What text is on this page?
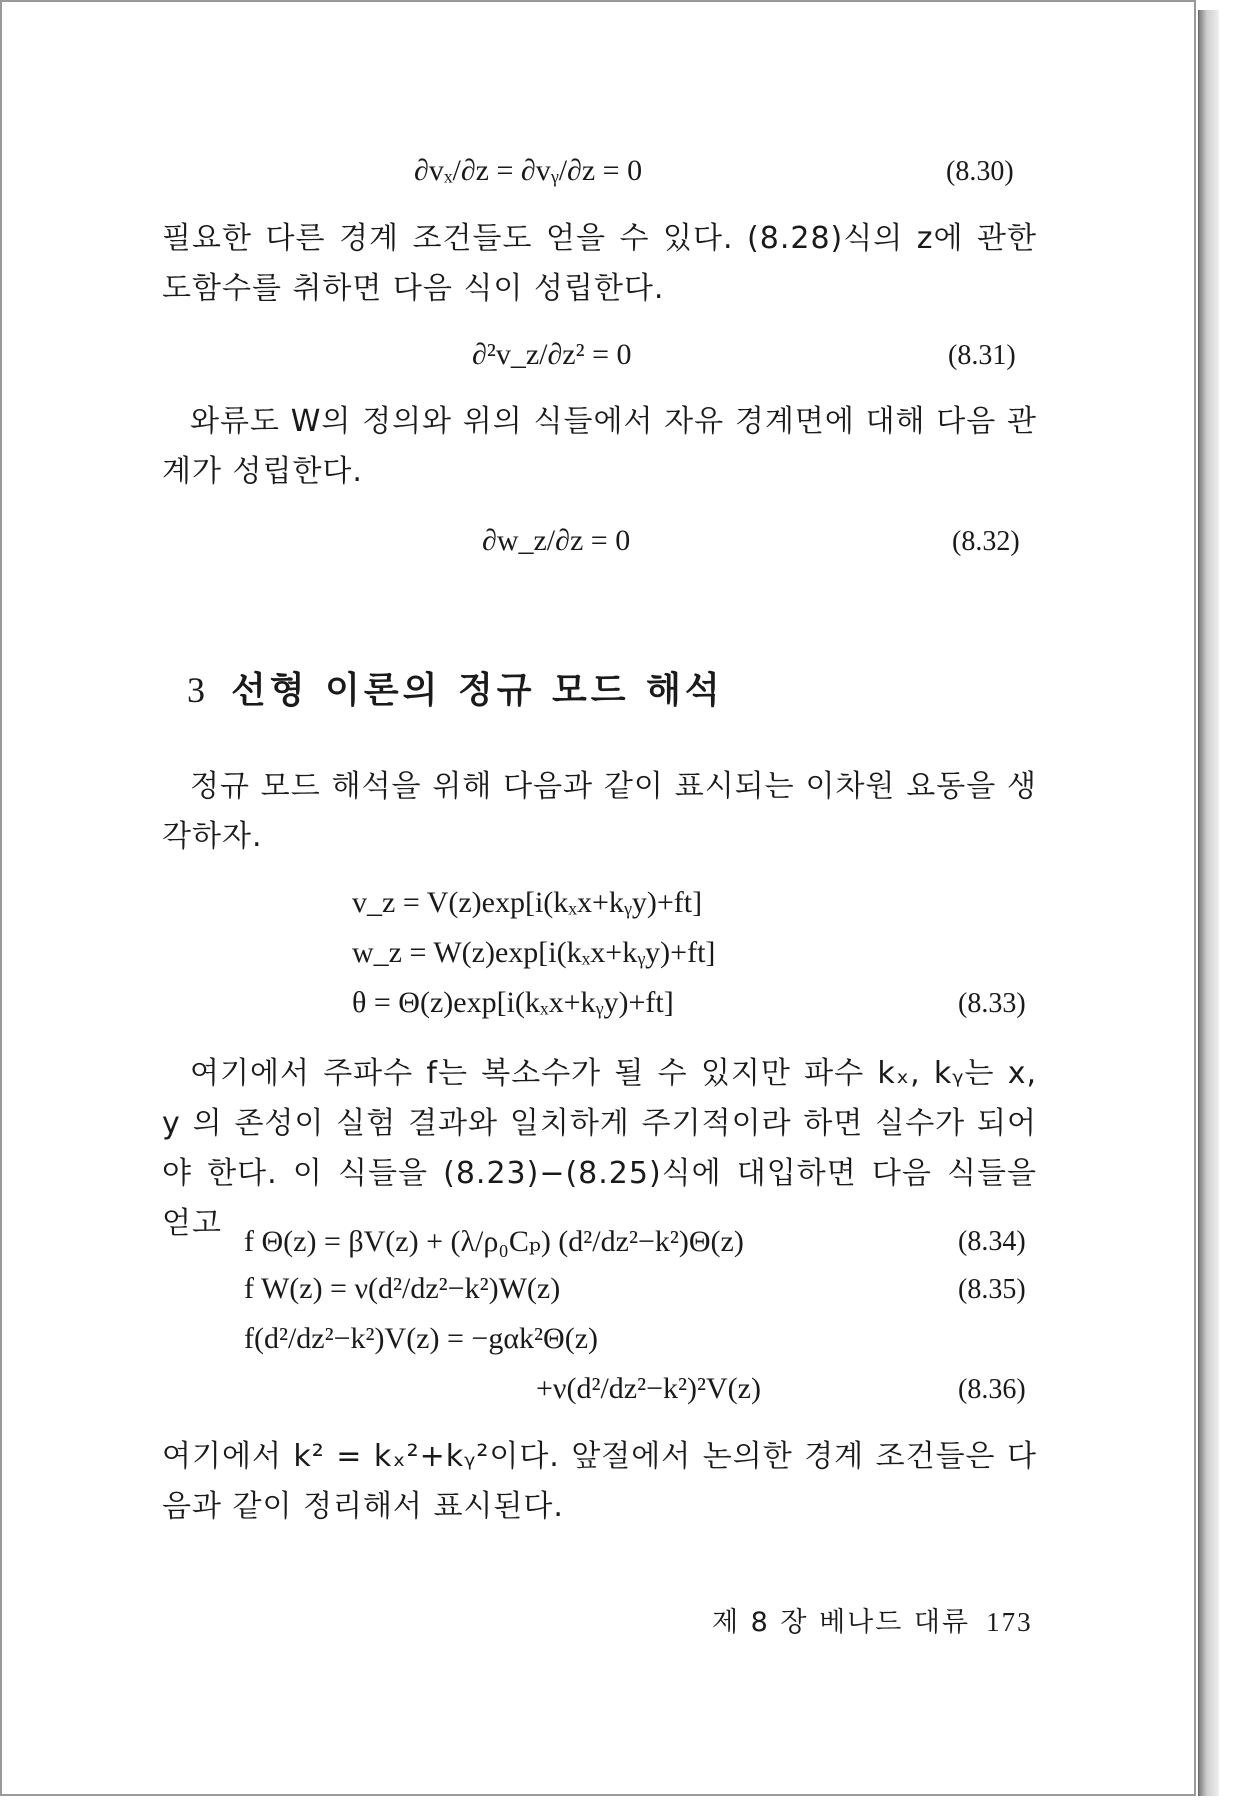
∂vₓ/∂z = ∂vᵧ/∂z = 0	(8.30)
필요한 다른 경계 조건들도 얻을 수 있다. (8.28)식의 z에 관한 도함수를 취하면 다음 식이 성립한다.
∂²v_z/∂z² = 0	(8.31)
와류도 W의 정의와 위의 식들에서 자유 경계면에 대해 다음 관계가 성립한다.
∂w_z/∂z = 0	(8.32)
3 선형 이론의 정규 모드 해석
정규 모드 해석을 위해 다음과 같이 표시되는 이차원 요동을 생각하자.
v_z = V(z)exp[i(kₓx+kᵧy)+ft]
w_z = W(z)exp[i(kₓx+kᵧy)+ft]
θ = Θ(z)exp[i(kₓx+kᵧy)+ft]	(8.33)
여기에서 주파수 f는 복소수가 될 수 있지만 파수 kₓ, kᵧ는 x, y 의 존성이 실험 결과와 일치하게 주기적이라 하면 실수가 되어야 한다. 이 식들을 (8.23)−(8.25)식에 대입하면 다음 식들을 얻고
f Θ(z) = βV(z) + (λ/ρ₀Cₚ) (d²/dz²−k²)Θ(z)	(8.34)
f W(z) = ν(d²/dz²−k²)W(z)	(8.35)
f(d²/dz²−k²)V(z) = −gαk²Θ(z)
+ν(d²/dz²−k²)²V(z)	(8.36)
여기에서 k² = kₓ²+kᵧ²이다. 앞절에서 논의한 경계 조건들은 다음과 같이 정리해서 표시된다.
제 8 장 베나드 대류 173
